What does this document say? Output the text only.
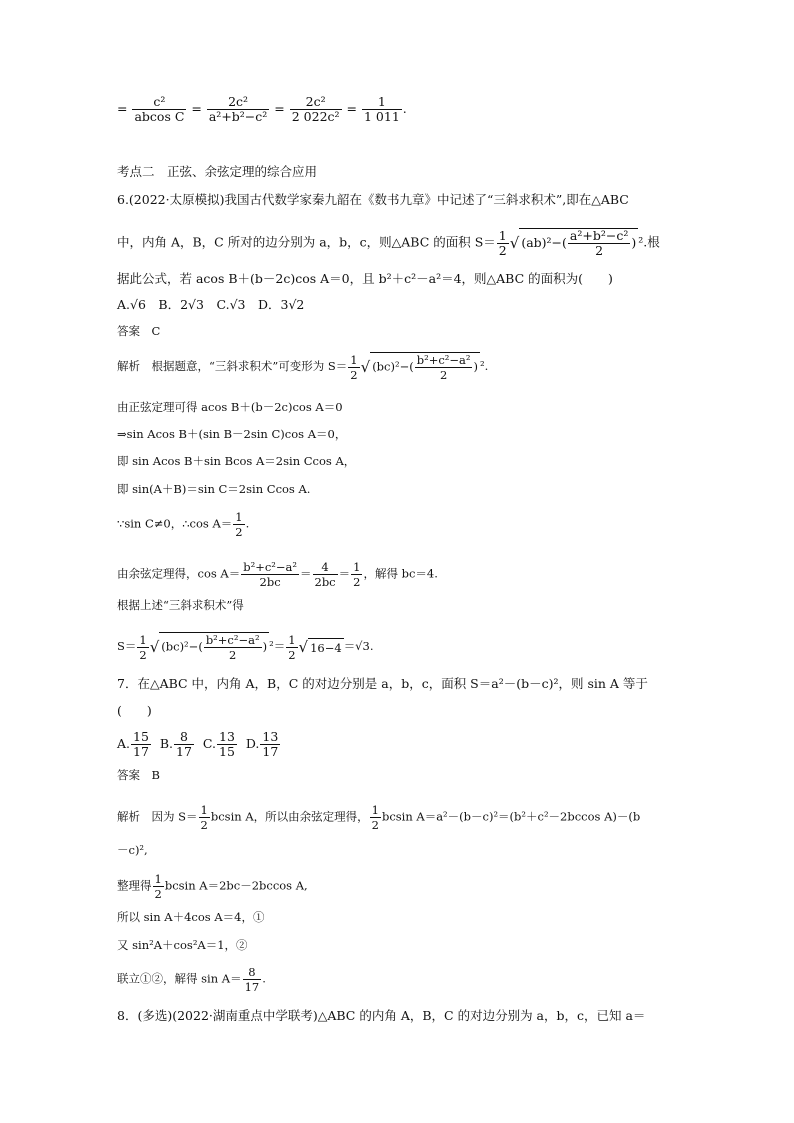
= $\frac{\text{c²}}{\text{abcos C}} = \frac{\text{2c²}}{\text{a²+b²−c²}} = \frac{\text{2c²}}{\text{2 022c²}} = \frac{1}{1 011}$ .
考点二　正弦、余弦定理的综合应用
6.(2022·太原模拟)我国古代数学家秦九韶在《数书九章》中记述了“三斜求积术”,即在△ABC
中，内角 A，B，C 所对的边分别为 a，b，c，则△ABC 的面积 $S= \frac{1}{2}$ √ $(ab)^2-( \frac{\text{a²+b²−c²}}{2}$ ) ².根
据此公式，若 acos B＋(b－2c)cos A＝0，且 b²＋c²－a²＝4，则△ABC 的面积为(　　)
A.√6　B．2√3　C.√3　D．3√2
答案　C
解析　根据题意，“三斜求积术”可变形为 $S= \frac{1}{2}$ √ $(bc)^2-( \frac{\text{b²+c²−a²}}{2}$ ) ².
由正弦定理可得 acos B＋(b－2c)cos A＝0
⇒sin Acos B＋(sin B－2sin C)cos A＝0，
即 sin Acos B＋sin Bcos A＝2sin Ccos A，
即 sin(A＋B)＝sin C＝2sin Ccos A.
∵sin C≠0，∴cos $A= \frac{1}{2}$ .
由余弦定理得，$\cos A= \frac{\text{b²+c²−a²}}{2bc} = \frac{4}{2bc} = \frac{1}{2}$ ，解得 bc＝4.
根据上述“三斜求积术”得
$S= \frac{1}{2}$ √ $(bc)^2-( \frac{\text{b²+c²−a²}}{2}$ ) $^2= \frac{1}{2}$ √ 16−4 ＝√3.
7．在△ABC 中，内角 A，B，C 的对边分别是 a，b，c，面积 S＝a²－(b－c)²，则 sin A 等于
(　　)
A. $\frac{15}{17} B$. $\frac{8}{17} C$. $\frac{13}{15} D$. $\frac{13}{17}$
答案　B
解析　因为 $S= \frac{1}{2}$ bcsin A，所以由余弦定理得， $\frac{1}{2}$ bcsin A＝a²－(b－c)²＝(b²＋c²－2bccos A)－(b
－c)²,
整理得 $\frac{1}{2}$ bcsin A＝2bc－2bccos A,
所以 sin A＋4cos A＝4，①
又 sin²A＋cos²A＝1，②
联立①②，解得 $\sin A= \frac{8}{17}$ .
8．(多选)(2022·湖南重点中学联考)△ABC 的内角 A，B，C 的对边分别为 a，b，c，已知 a＝
